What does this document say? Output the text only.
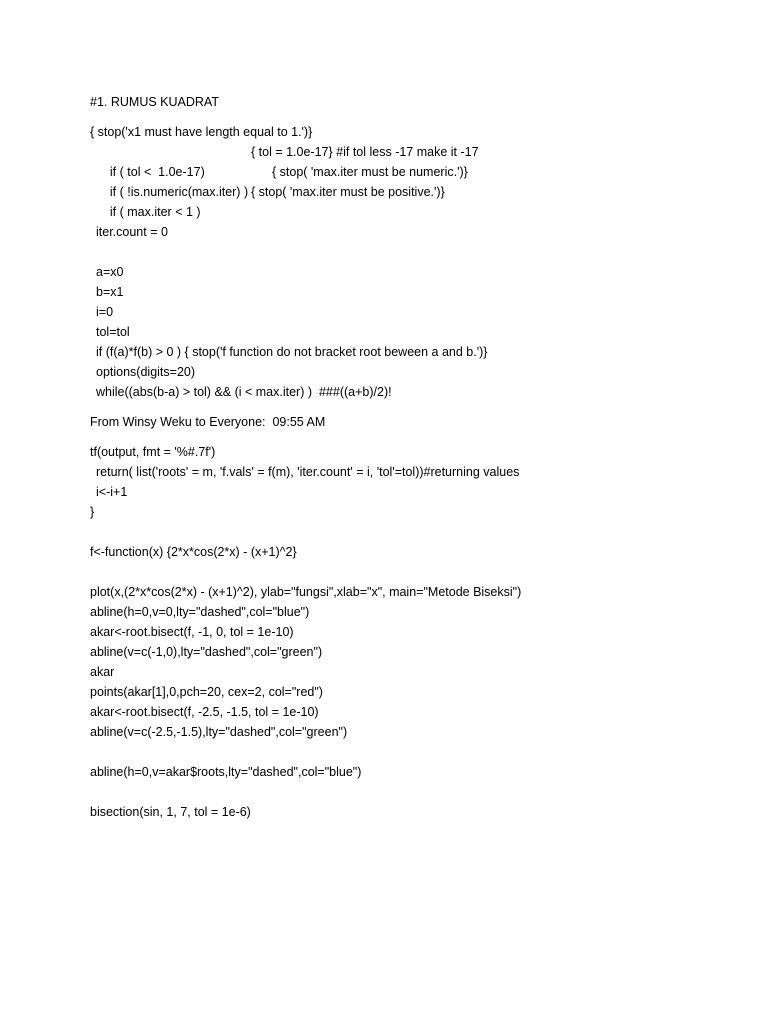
#1. RUMUS KUADRAT
{ stop('x1 must have length equal to 1.')}

if ( tol <  1.0e-17)

{ tol = 1.0e-17} #if tol less -17 make it -17

if ( !is.numeric(max.iter) )

{ stop( 'max.iter must be numeric.')}

if ( max.iter < 1 )

{ stop( 'max.iter must be positive.')}

iter.count = 0
a=x0
b=x1
i=0
tol=tol
if (f(a)*f(b) > 0 ) { stop('f function do not bracket root beween a and b.')}
options(digits=20)
while((abs(b-a) > tol) && (i < max.iter) )  ###((a+b)/2)!
From Winsy Weku to Everyone:  09:55 AM
tf(output, fmt = '%#.7f')
return( list('roots' = m, 'f.vals' = f(m), 'iter.count' = i, 'tol'=tol))#returning values
i<-i+1
}
f<-function(x) {2*x*cos(2*x) - (x+1)^2}
plot(x,(2*x*cos(2*x) - (x+1)^2), ylab="fungsi",xlab="x", main="Metode Biseksi")
abline(h=0,v=0,lty="dashed",col="blue")
akar<-root.bisect(f, -1, 0, tol = 1e-10)
abline(v=c(-1,0),lty="dashed",col="green")
akar
points(akar[1],0,pch=20, cex=2, col="red")
akar<-root.bisect(f, -2.5, -1.5, tol = 1e-10)
abline(v=c(-2.5,-1.5),lty="dashed",col="green")
abline(h=0,v=akar$roots,lty="dashed",col="blue")
bisection(sin, 1, 7, tol = 1e-6)
